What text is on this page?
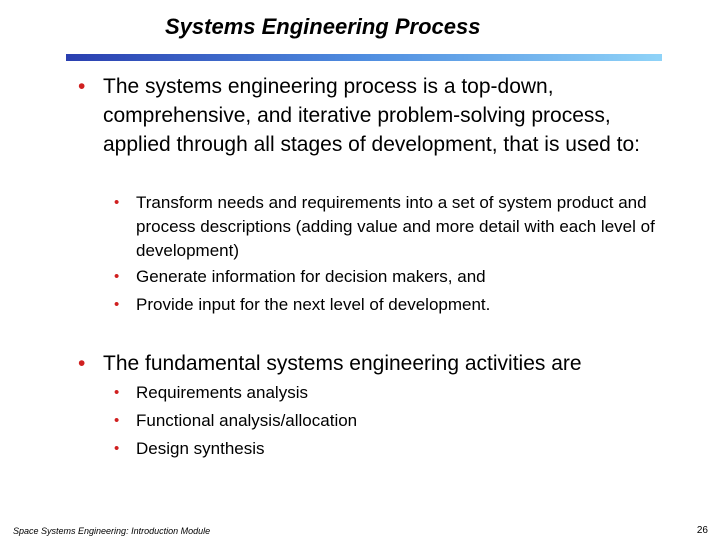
Systems Engineering Process
• The systems engineering process is a top-down, comprehensive, and iterative problem-solving process, applied through all stages of development, that is used to:
• Transform needs and requirements into a set of system product and process descriptions (adding value and more detail with each level of development)
• Generate information for decision makers, and
• Provide input for the next level of development.
• The fundamental systems engineering activities are
• Requirements analysis
• Functional analysis/allocation
• Design synthesis
Space Systems Engineering: Introduction Module	26
